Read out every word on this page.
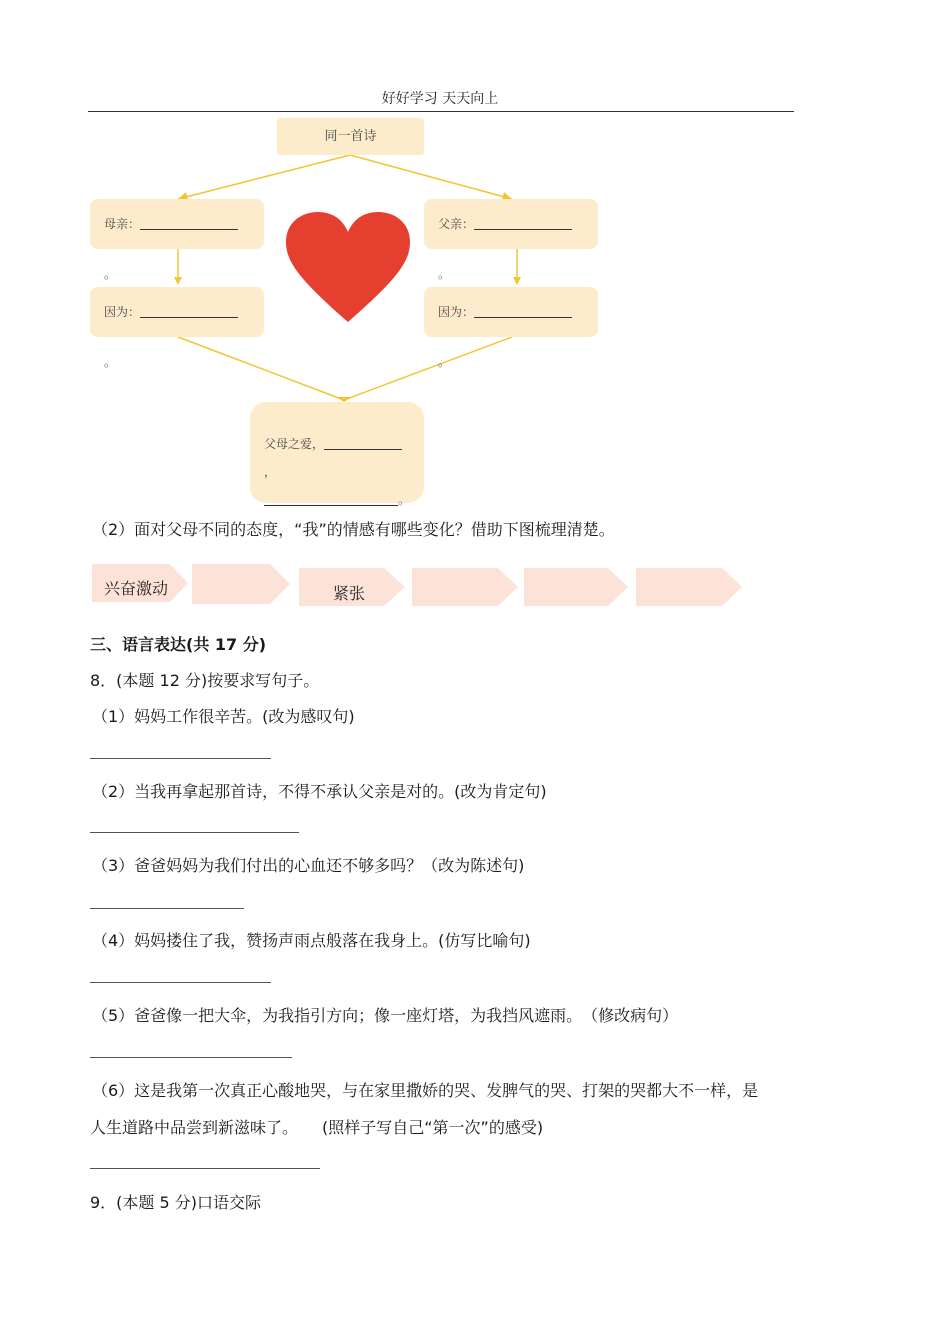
好好学习 天天向上
同一首诗
母亲：。
父亲：。
因为：。
因为：。
父母之爱，，
。
（2）面对父母不同的态度，“我”的情感有哪些变化？借助下图梳理清楚。
兴奋激动	紧张
三、语言表达(共 17 分)
8．(本题 12 分)按要求写句子。
（1）妈妈工作很辛苦。(改为感叹句)
（2）当我再拿起那首诗，不得不承认父亲是对的。(改为肯定句)
（3）爸爸妈妈为我们付出的心血还不够多吗？（改为陈述句)
（4）妈妈搂住了我，赞扬声雨点般落在我身上。(仿写比喻句)
（5）爸爸像一把大伞，为我指引方向；像一座灯塔，为我挡风遮雨。　（修改病句）
（6）这是我第一次真正心酸地哭，与在家里撒娇的哭、发脾气的哭、打架的哭都大不一样，是
人生道路中品尝到新滋味了。　　(照样子写自己“第一次”的感受)
9．(本题 5 分)口语交际
